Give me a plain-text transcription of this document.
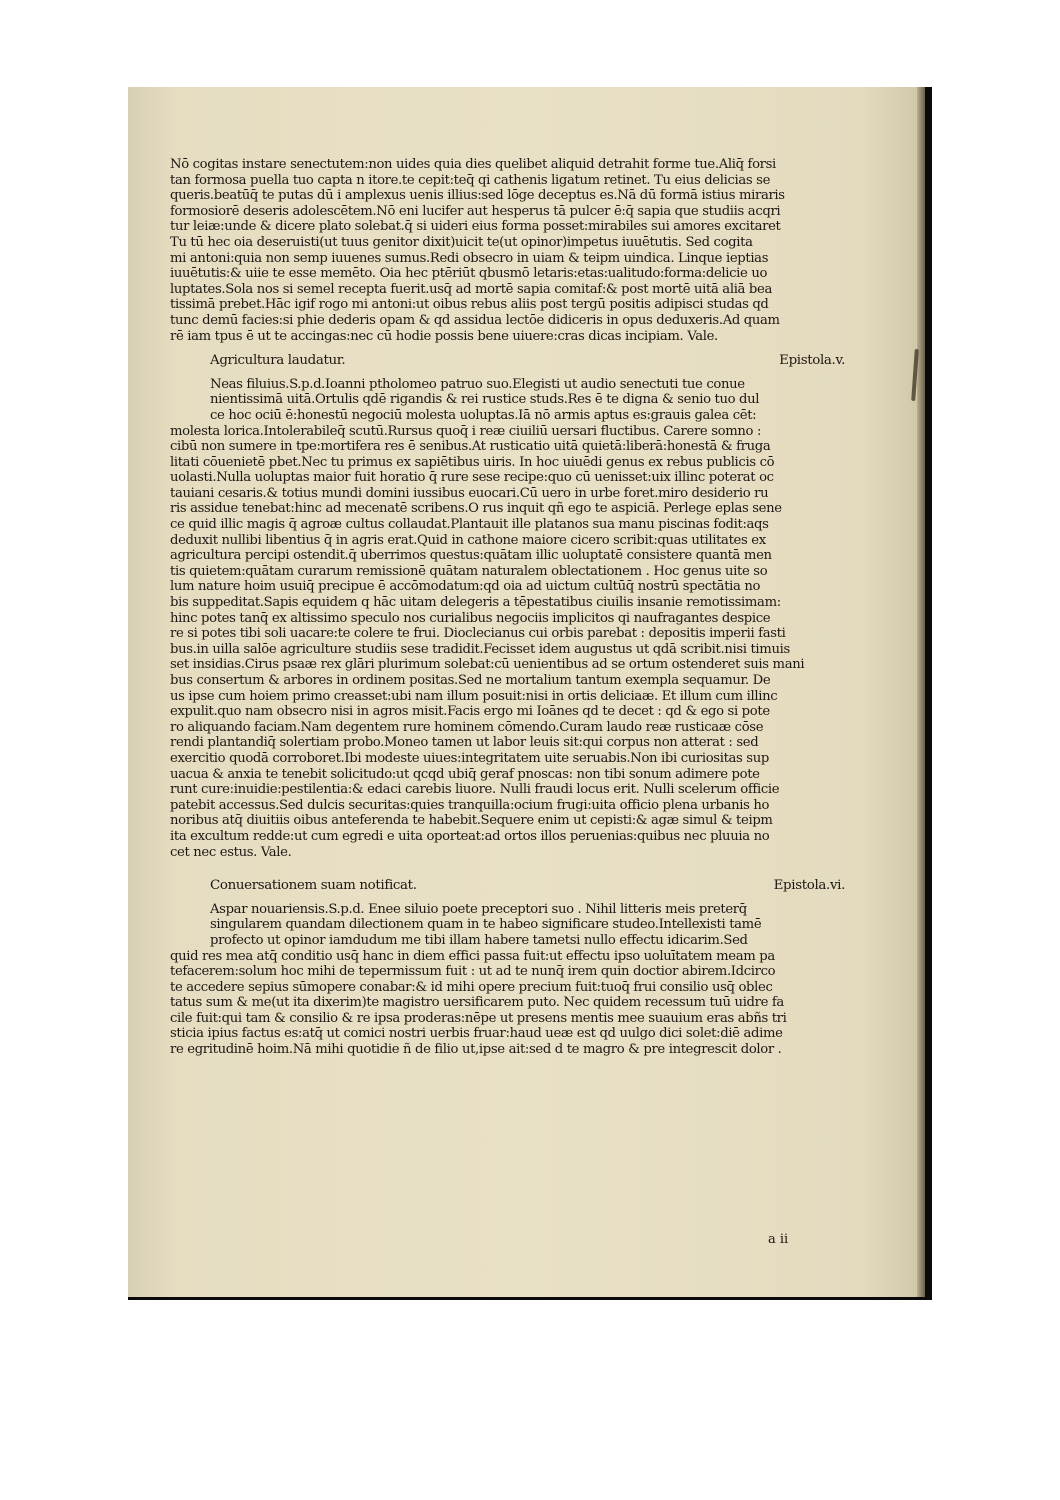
Nō cogitas instare senectutem:non uides quia dies quelibet aliquid detrahit forme tue.Aliq̄ forsi
tan formosa puella tuo capta n itore.te cepit:teq̄ qi cathenis ligatum retinet. Tu eius delicias se
queris.beatūq̄ te putas dū i amplexus uenis illius:sed lōge deceptus es.Nā dū formā istius miraris
formosiorē deseris adolescētem.Nō eni lucifer aut hesperus tā pulcer ē:q̄ sapia que studiis acqri
tur leiæ:unde & dicere plato solebat.q̄ si uideri eius forma posset:mirabiles sui amores excitaret
Tu tū hec oia deseruisti(ut tuus genitor dixit)uicit te(ut opinor)impetus iuuētutis. Sed cogita
mi antoni:quia non semp iuuenes sumus.Redi obsecro in uiam & teipm uindica. Linque ieptias
iuuētutis:& uiie te esse memēto. Oia hec ptēriūt qbusmō letaris:etas:ualitudo:forma:delicie uo
luptates.Sola nos si semel recepta fuerit.usq̄ ad mortē sapia comitaf:& post mortē uitā aliā bea
tissimā prebet.Hāc igif rogo mi antoni:ut oibus rebus aliis post tergū positis adipisci studas qd
tunc demū facies:si phie dederis opam & qd assidua lectōe didiceris in opus deduxeris.Ad quam
rē iam tpus ē ut te accingas:nec cū hodie possis bene uiuere:cras dicas incipiam. Vale.
Agricultura laudatur.	Epistola.v.
Neas filuius.S.p.d.Ioanni ptholomeo patruo suo.Elegisti ut audio senectuti tue conue
nientissimā uitā.Ortulis qdē rigandis & rei rustice studs.Res ē te digna & senio tuo dul
ce hoc ociū ē:honestū negociū molesta uoluptas.Iā nō armis aptus es:grauis galea cēt:
molesta lorica.Intolerabileq̄ scutū.Rursus quoq̄ i reæ ciuiliū uersari fluctibus. Carere somno :
cibū non sumere in tpe:mortifera res ē senibus.At rusticatio uitā quietā:liberā:honestā & fruga
litati cōuenietē pbet.Nec tu primus ex sapiētibus uiris. In hoc uiuēdi genus ex rebus publicis cō
uolasti.Nulla uoluptas maior fuit horatio q̄ rure sese recipe:quo cū uenisset:uix illinc poterat oc
tauiani cesaris.& totius mundi domini iussibus euocari.Cū uero in urbe foret.miro desiderio ru
ris assidue tenebat:hinc ad mecenatē scribens.O rus inquit qñ ego te aspiciā. Perlege eplas sene
ce quid illic magis q̄ agroæ cultus collaudat.Plantauit ille platanos sua manu piscinas fodit:aqs
deduxit nullibi libentius q̄ in agris erat.Quid in cathone maiore cicero scribit:quas utilitates ex
agricultura percipi ostendit.q̄ uberrimos questus:quātam illic uoluptatē consistere quantā men
tis quietem:quātam curarum remissionē quātam naturalem oblectationem . Hoc genus uite so
lum nature hoim usuiq̄ precipue ē accōmodatum:qd oia ad uictum cultūq̄ nostrū spectātia no
bis suppeditat.Sapis equidem q hāc uitam delegeris a tēpestatibus ciuilis insanie remotissimam:
hinc potes tanq̄ ex altissimo speculo nos curialibus negociis implicitos qi naufragantes despice
re si potes tibi soli uacare:te colere te frui. Dioclecianus cui orbis parebat : depositis imperii fasti
bus.in uilla salōe agriculture studiis sese tradidit.Fecisset idem augustus ut qdā scribit.nisi timuis
set insidias.Cirus psaæ rex glāri plurimum solebat:cū uenientibus ad se ortum ostenderet suis mani
bus consertum & arbores in ordinem positas.Sed ne mortalium tantum exempla sequamur. De
us ipse cum hoiem primo creasset:ubi nam illum posuit:nisi in ortis deliciaæ. Et illum cum illinc
expulit.quo nam obsecro nisi in agros misit.Facis ergo mi Ioānes qd te decet : qd & ego si pote
ro aliquando faciam.Nam degentem rure hominem cōmendo.Curam laudo reæ rusticaæ cōse
rendi plantandiq̄ solertiam probo.Moneo tamen ut labor leuis sit:qui corpus non atterat : sed
exercitio quodā corroboret.Ibi modeste uiues:integritatem uite seruabis.Non ibi curiositas sup
uacua & anxia te tenebit solicitudo:ut qcqd ubiq̄ geraf pnoscas: non tibi sonum adimere pote
runt cure:inuidie:pestilentia:& edaci carebis liuore. Nulli fraudi locus erit. Nulli scelerum officie
patebit accessus.Sed dulcis securitas:quies tranquilla:ocium frugi:uita officio plena urbanis ho
noribus atq̄ diuitiis oibus anteferenda te habebit.Sequere enim ut cepisti:& agæ simul & teipm
ita excultum redde:ut cum egredi e uita oporteat:ad ortos illos peruenias:quibus nec pluuia no
cet nec estus. Vale.
Conuersationem suam notificat.	Epistola.vi.
Aspar nouariensis.S.p.d. Enee siluio poete preceptori suo . Nihil litteris meis preterq̄
singularem quandam dilectionem quam in te habeo significare studeo.Intellexisti tamē
profecto ut opinor iamdudum me tibi illam habere tametsi nullo effectu idicarim.Sed
quid res mea atq̄ conditio usq̄ hanc in diem effici passa fuit:ut effectu ipso uoluītatem meam pa
tefacerem:solum hoc mihi de tepermissum fuit : ut ad te nunq̄ irem quin doctior abirem.Idcirco
te accedere sepius sūmopere conabar:& id mihi opere precium fuit:tuoq̄ frui consilio usq̄ oblec
tatus sum & me(ut ita dixerim)te magistro uersificarem puto. Nec quidem recessum tuū uidre fa
cile fuit:qui tam & consilio & re ipsa proderas:nēpe ut presens mentis mee suauium eras abñs tri
sticia ipius factus es:atq̄ ut comici nostri uerbis fruar:haud ueæ est qd uulgo dici solet:diē adime
re egritudinē hoim.Nā mihi quotidie ñ de filio ut,ipse ait:sed d te magro & pre integrescit dolor .
a ii
